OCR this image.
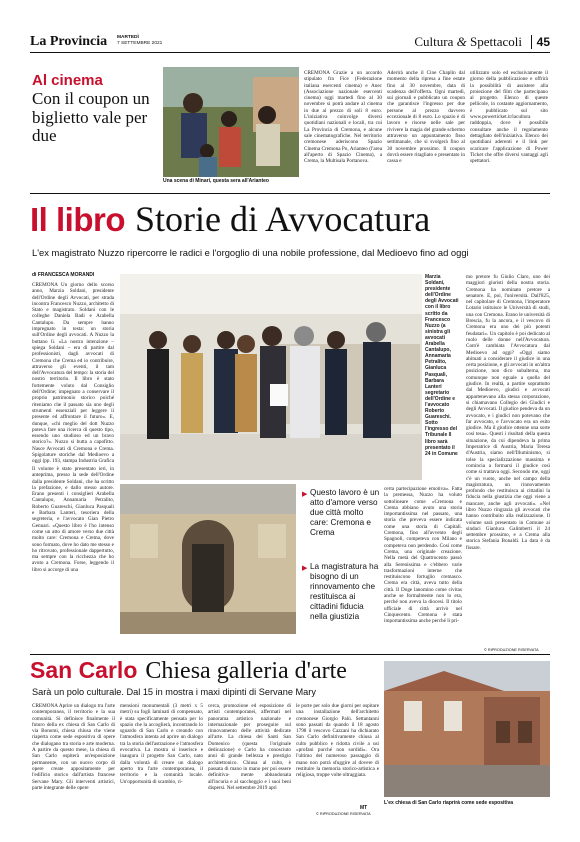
La Provincia MARTEDÌ
7 SETTEMBRE 2021	Cultura & Spettacoli	45
Al cinema
Con il coupon un biglietto vale per due
Una scena di Minari, questa sera all'Arianteo
CREMONA Grazie a un accordo stipulato fra Fice (Federazione italiana esercenti cinema) e Anec (Associazione nazionale esercenti cinema) oggi martedì fino al 30 novembre si potrà andare al cinema in due al prezzo di soli 8 euro. L'iniziativa coinvolge diversi quotidiani nazionali e locali, tra cui La Provincia di Cremona, e alcune sale cinematografiche. Nel territorio cremonese aderiscono Spazio Cinema Cremona Po, Arianteo (l'area all'aperto di Spazio Cinema), a Crema, la Multisala Portanova.
Aderirà anche il Cine Chaplin dal momento della ripresa a fine estate fino al 30 novembre, data di scadenza dell'offerta. Ogni martedì, sui giornali e pubblicato un coupon che garantisce l'ingresso per due persone al prezzo davvero eccezionale di 8 euro. Lo spazio è di lavoro e risorse nelle sale per rivivere la magia del grande schermo attraverso un appuntamento fisso settimanale, che si svolgerà fino al 30 novembre prossimo. Il coupon dovrà essere ritagliato e presentato in cassa e
utilizzato solo ed esclusivamente il giorno della pubblicazione e offrirà la possibilità di assistere alla proiezione del film che partecipano al progetto. Elenco di queste pellicole, in costante aggiornamento, è pubblicato sul sito www.powerticket.it/lacultura raddoppia, dove è possibile consultare anche il regolamento dettagliato dell'iniziativa. Elenco dei quotidiani aderenti e il link per scaricare l'applicazione di Power Ticket che offre diversi vantaggi agli spettatori.
Il libro Storie di Avvocatura
L'ex magistrato Nuzzo ripercorre le radici e l'orgoglio di una nobile professione, dal Medioevo fino ad oggi
di FRANCESCA MORANDI
CREMONA Un giorno dello scorso anno, Marzia Soldani, presidente dell'Ordine degli Avvocati, per strada incontra Francesco Nuzzo, architetto di Stato e magistrato. Soldani con le colleghe Daniela Badi e Arabella Cantalupo. Da sempre hanno impregnato in testa: un storia sull'Ordine degli avvocati. A Nuzzo la buttano lì. «La nostra intenzione – spiega Soldani – era di partire dal professionisti, dagli avvocati di Cremona che Crema ed io contribuire, attraverso gli eventi, il tam dell'Avvocatura del tempo: la storia del nostro territorio. Il libro è stato fortemente voluto dal Consiglio dell'Ordine; impegnato a conservare il proprio patrimonio storico poiché riteniamo che il passato sia uno degli strumenti essenziali per leggere il presente ed affrontare il futuro». E, dunque, «chi meglio del dott Nuzzo poteva fare una ricerca di questo tipo, essendo uno studioso ed un bravo storico?». Nuzzo si butta a capofitto. Nasce Avvocati di Cremona e Crema. Spigolature storiche dal Medioevo a oggi (pp. 193, stampa Industria Grafica
Il volume è stato presentato ieri, in anteprima, presso la sede dell'Ordine dalla presidente Soldani, che ha scritto la prefazione, e dallo stesso autore. Erano presenti i consiglieri Arabella Cantalupo, Annamaria Petralito, Roberto Guareschi, Gianluca Pasquali e Barbara Lanteri, tesoriera della segreteria, e l'avvocato Gian Pietro Gennari. «Questo libro è l'ho intenso come un atto di amore verso due città molto care: Cremona e Crema, dove sono formato, dove ho dato me stesso e ho ritrovato, professionale dappertutto, ma sempre con la ricchezza che ho avuto a Cremona. Forse, leggendo il libro si accorge di una
Marzia Soldani, presidente dell'Ordine degli Avvocati con il libro scritto da Francesco Nuzzo (a sinistra gli avvocati Arabella Cantalupo, Annamaria Petralito, Gianluca Pasquali, Barbara Lanteri segretario dell'Ordine e l'avvocato Roberto Guareschi. Sotto l'ingresso del Tribunale Il libro sarà presentato il 24 in Comune
mo pretore fu Giulio Claro, uno dei maggiori giuristi della nostra storia. Cremona ha nominato pretore a senatore. E, poi, l'università. Dall'825, nel capitolare di Cremona, l'imperatore Lotario istituisce le Università di studi, una con Cremona. Erano le università di Brescia, fu la ancora, e il vescovo di Cremona era uno dei più potenti feudatari». Un capitolo è poi dedicato al ruolo delle donne nell'Avvocatura. Com'è cambiata l'Avvocatura dal Medioevo ad oggi? «Oggi siamo abituati a considerare il giudice in una certa posizione, e gli avvocati in un'altra posizione, non dico subalterna, ma comunque non eguale a quella del giudice. In realtà, a partire soprattutto dal Medioevo, giudici e avvocati appartenevano alla stessa corporazione, si chiamavano Collegio dei Giudici e degli Avvocati. Il giudice pendeva da un avvocato, e i giudici non potevano che far avvocato, e l'avvocato era un esito giudice. Ma il giudice ottenne una sorte così tesa». Questi i risultati della questa situazione, da cui dipendeva la prima Imperatrice di Austria, Maria Teresa d'Austria, siamo nell'Illuminismo, si tolse la specializzazione massima e comincia a formarsi il giudice così come si trattava oggi. Secondo me, oggi c'è un vuoto, anche nel campo della magistratura, un rinnovamento profondo che restituisca ai cittadini la fiducia nella giustizia che oggi viene a mancare, anche agli avvocati». «Nel libro Nuzzo ringrazia gli avvocati che hanno contribuito alla realizzazione. Il volume sarà presentato in Comune ai sindaci Gianluca Galimberti il 24 settembre prossimo, e a Crema alla storica Stefania Bonaldi. La data è da fissare.
▶ Questo lavoro è un atto d'amore verso due città molto care: Cremona e Crema
▶ La magistratura ha bisogno di un rinnovamento che restituisca ai cittadini fiducia nella giustizia
certa partecipazione emotiva». Fatta la premessa, Nuzzo ha voluto sottolineare come «Cremona e Crema abbiano avuto una storia importantissima nel passato, una storia che preveva essere indicata come una storia di Capitali. Cremona, fino all'avvento degli Spagnoli, competeva con Milano e competeva non perdendo. Cosi come Crema, una originale creazione. Nella metà del Quattrocento passò alla Serenissima e c'ebbero varie trasformazioni interne che restituiscono fortuglio cremasco. Crema era città, aveva tutto della città. Il Doge lanomino come civitas anche se formalmente non lo era, perché non aveva la diocesi. Il titolo ufficiale di città arrivò nel Cinquecento. Cremona è stata importantissima anche perché li pri-
© RIPRODUZIONE RISERVATA
San Carlo Chiesa galleria d'arte
Sarà un polo culturale. Dal 15 in mostra i maxi dipinti di Servane Mary
CREMONA Aprire un dialogo tra l'arte contemporanea, il territorio e la sua comunità. Si definisce finalmente il futuro della ex chiesa di San Carlo di via Bonomi, chiesa chiusa che viene riaperta come sede espositiva di opere che dialogano tra storia e arte moderna. A partire da questo mese, la chiesa di San Carlo ospiterà un'esposizione permanente, con un nuovo corpo di opere create appositamente per l'edificio storico dall'artista francese Servane Mary. Gli interventi artistici, parte integrante delle opere
mensioni monumentali (3 metri x 5 metri) su fogli laminati di compensato, è stata specificamente pensata per lo spazio che la accoglierà, incontrando lo sguardo di San Carlo e creando con l'atmosfera intenta ad aprire un dialogo tra la storia dell'astrazione e l'atmosfera evocativa. La mostra si inserisce e inaugura il progetto San Carlo, nato dalla volontà di creare un dialogo aperto tra l'arte contemporanea, il territorio e la comunità locale. Un'opportunità di scambio, ri-
cerca, promozione ed esposizione di artisti contemporanei, affermati nel panorama artistico nazionale e internazionale per proseguire sul rinnovamento delle attività dedicate all'arte. La chiesa dei Santi San Domenico (questa l'originale dedicazione) e Carlo ha conosciuto anni di grande bellezza e prestigio architettonico. Chiusa al culto, è passata di mano in mano per poi essere definitiva- mente abbandonata all'incuria e al saccheggio e i suoi beni dispersi. Nel settembre 2019 aprì
le porte per solo due giorni per ospitare una installazione dell'architetto cremonese Giorgio Palù. Settantanni sono passati da quando il 18 agosto 1798 il vescovo Cazzani ha dichiarato San Carlo definitivamente chiusa al culto pubblico e ridotta civile a usi «profani purché non sordidi». Ora l'ultimo del numeroso passaggio di mano non potrà sfuggire al dovere di restituire la memoria storico-artistica e religiosa, troppe volte oltraggiata.
MT
© RIPRODUZIONE RISERVATA
L'ex chiesa di San Carlo riaprirà come sede espositiva
